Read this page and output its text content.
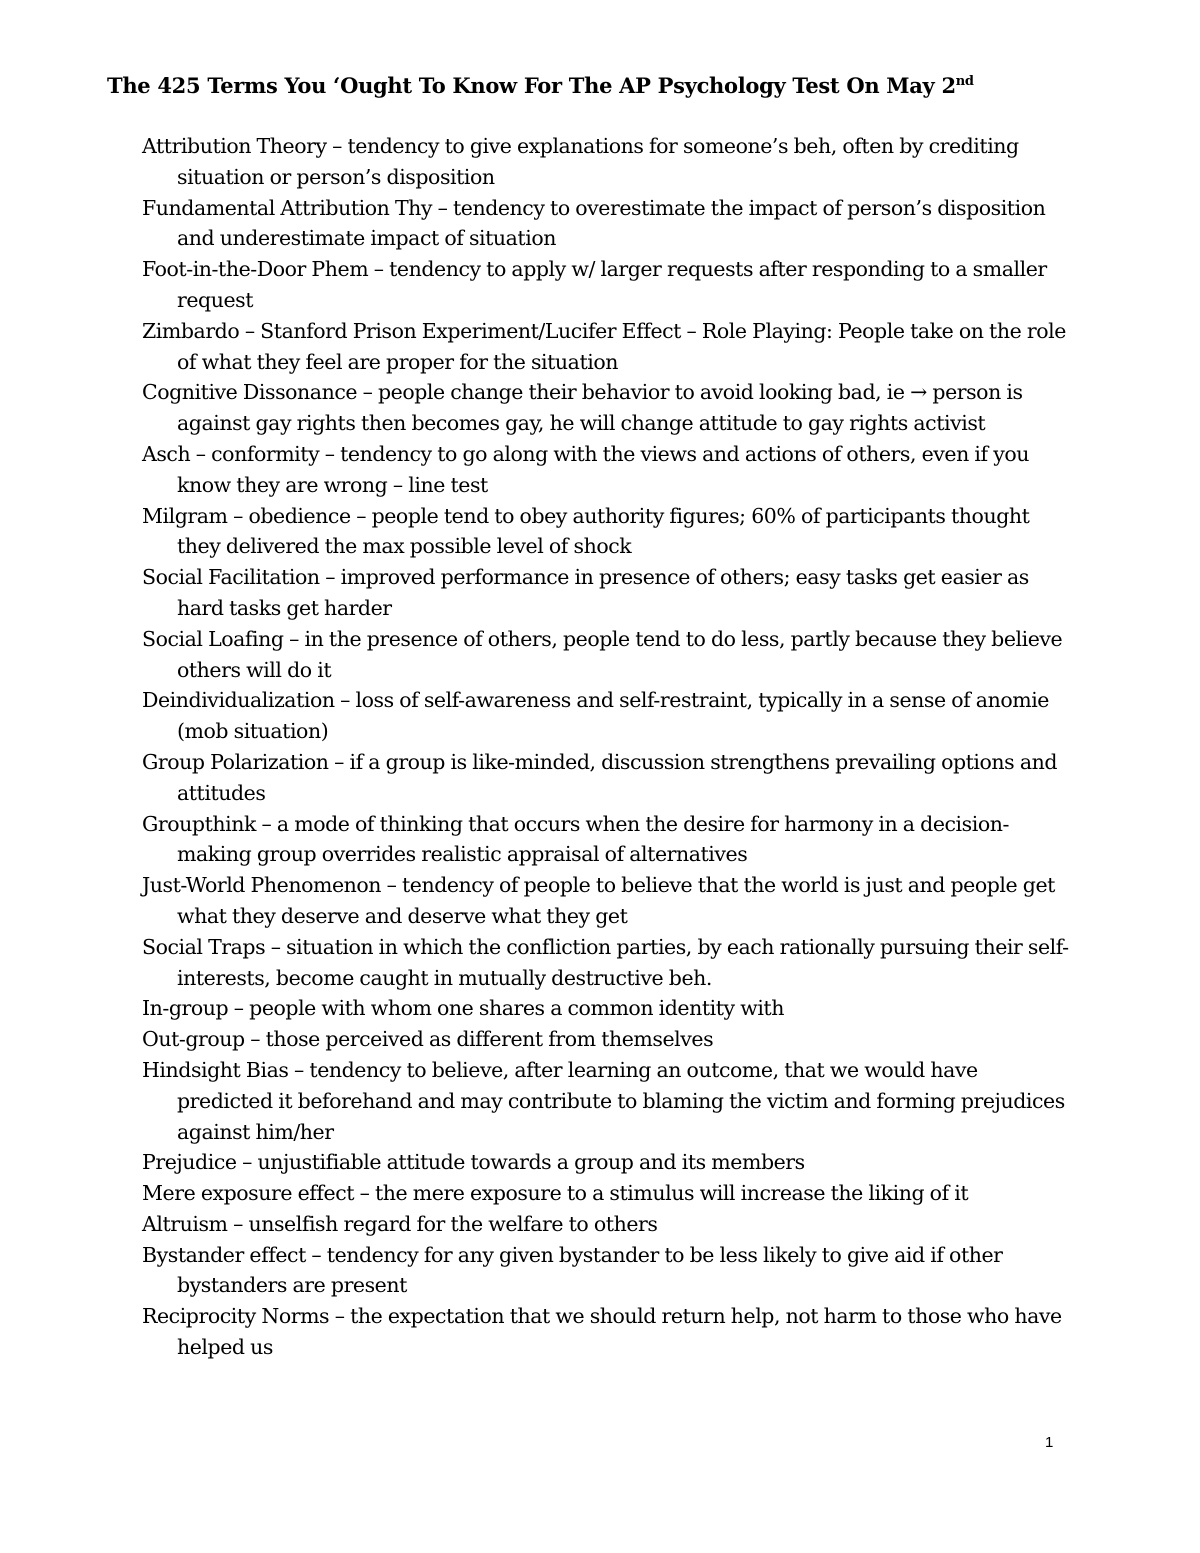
The 425 Terms You ‘Ought To Know For The AP Psychology Test On May 2nd
Attribution Theory – tendency to give explanations for someone’s beh, often by crediting situation or person’s disposition
Fundamental Attribution Thy – tendency to overestimate the impact of person’s disposition and underestimate impact of situation
Foot-in-the-Door Phem – tendency to apply w/ larger requests after responding to a smaller request
Zimbardo – Stanford Prison Experiment/Lucifer Effect – Role Playing: People take on the role of what they feel are proper for the situation
Cognitive Dissonance – people change their behavior to avoid looking bad, ie → person is against gay rights then becomes gay, he will change attitude to gay rights activist
Asch – conformity – tendency to go along with the views and actions of others, even if you know they are wrong – line test
Milgram – obedience – people tend to obey authority figures; 60% of participants thought they delivered the max possible level of shock
Social Facilitation – improved performance in presence of others; easy tasks get easier as hard tasks get harder
Social Loafing – in the presence of others, people tend to do less, partly because they believe others will do it
Deindividualization – loss of self-awareness and self-restraint, typically in a sense of anomie (mob situation)
Group Polarization – if a group is like-minded, discussion strengthens prevailing options and attitudes
Groupthink – a mode of thinking that occurs when the desire for harmony in a decision-making group overrides realistic appraisal of alternatives
Just-World Phenomenon – tendency of people to believe that the world is just and people get what they deserve and deserve what they get
Social Traps – situation in which the confliction parties, by each rationally pursuing their self-interests, become caught in mutually destructive beh.
In-group – people with whom one shares a common identity with
Out-group – those perceived as different from themselves
Hindsight Bias – tendency to believe, after learning an outcome, that we would have predicted it beforehand and may contribute to blaming the victim and forming prejudices against him/her
Prejudice – unjustifiable attitude towards a group and its members
Mere exposure effect – the mere exposure to a stimulus will increase the liking of it
Altruism – unselfish regard for the welfare to others
Bystander effect – tendency for any given bystander to be less likely to give aid if other bystanders are present
Reciprocity Norms – the expectation that we should return help, not harm to those who have helped us
1
